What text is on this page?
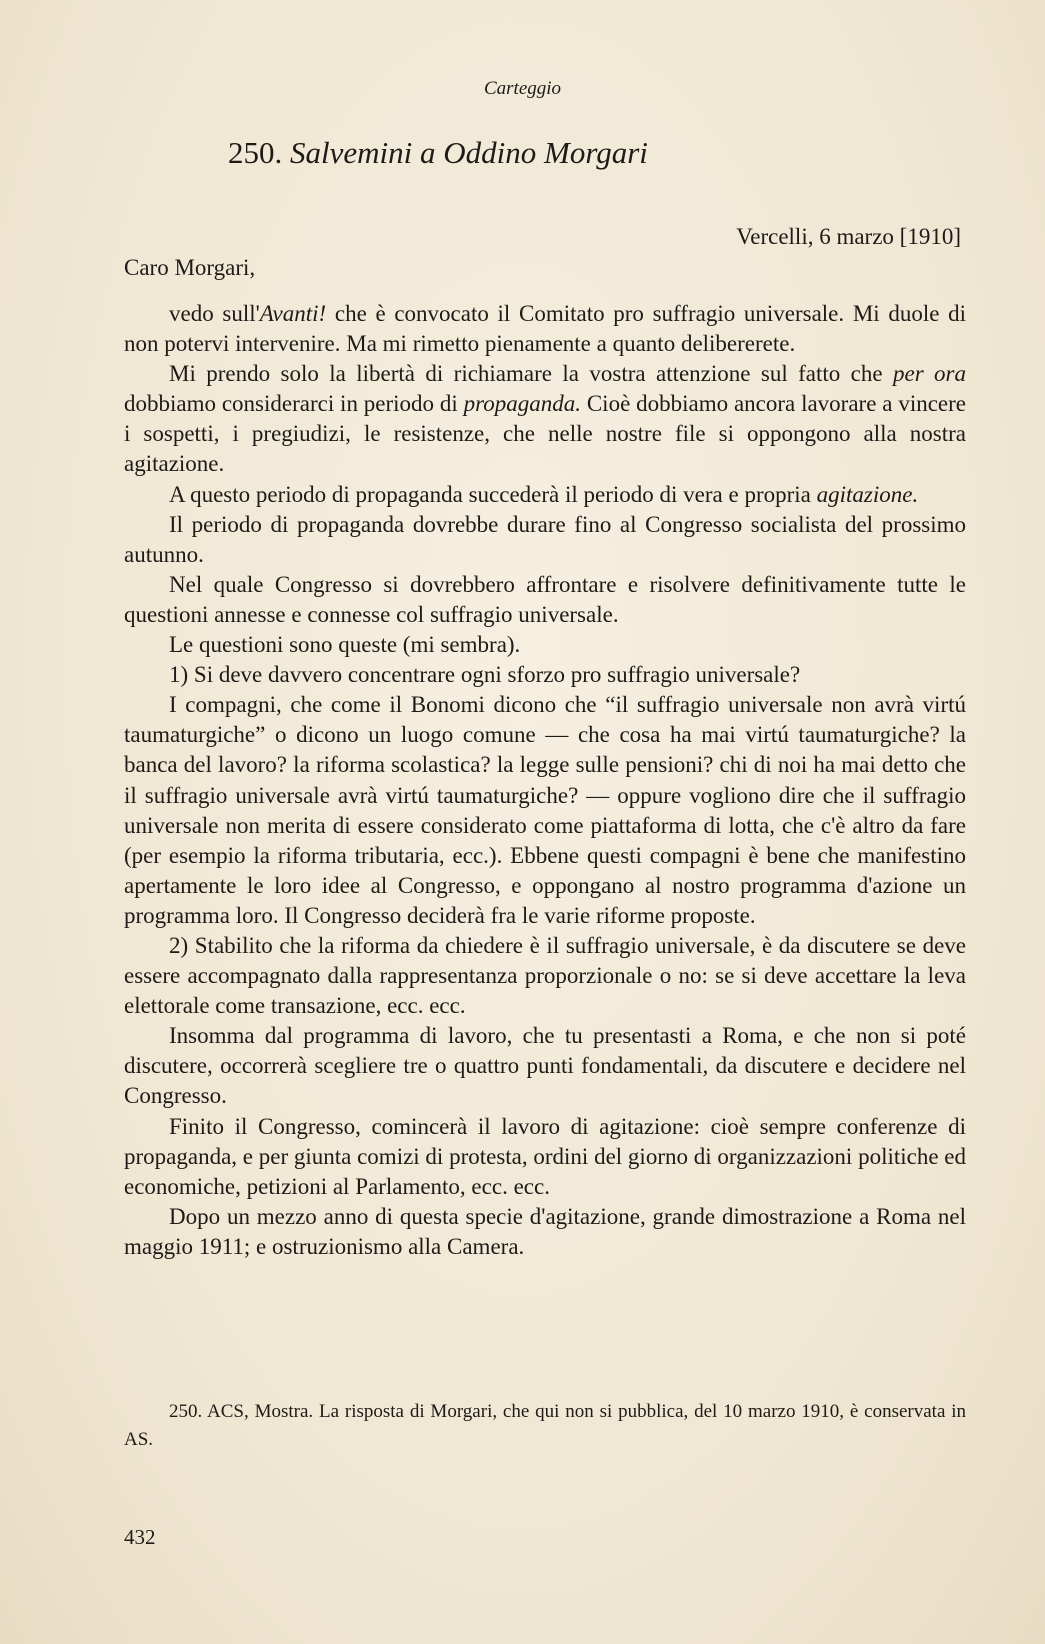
Carteggio
250. Salvemini a Oddino Morgari
Vercelli, 6 marzo [1910]
Caro Morgari,

vedo sull'Avanti! che è convocato il Comitato pro suffragio universale. Mi duole di non potervi intervenire. Ma mi rimetto pienamente a quanto delibererete.

Mi prendo solo la libertà di richiamare la vostra attenzione sul fatto che per ora dobbiamo considerarci in periodo di propaganda. Cioè dobbiamo ancora lavorare a vincere i sospetti, i pregiudizi, le resistenze, che nelle nostre file si oppongono alla nostra agitazione.

A questo periodo di propaganda succederà il periodo di vera e propria agitazione.

Il periodo di propaganda dovrebbe durare fino al Congresso socialista del prossimo autunno.

Nel quale Congresso si dovrebbero affrontare e risolvere definitivamente tutte le questioni annesse e connesse col suffragio universale.

Le questioni sono queste (mi sembra).

1) Si deve davvero concentrare ogni sforzo pro suffragio universale?

I compagni, che come il Bonomi dicono che “il suffragio universale non avrà virtú taumaturgiche” o dicono un luogo comune — che cosa ha mai virtú taumaturgiche? la banca del lavoro? la riforma scolastica? la legge sulle pensioni? chi di noi ha mai detto che il suffragio universale avrà virtú taumaturgiche? — oppure vogliono dire che il suffragio universale non merita di essere considerato come piattaforma di lotta, che c'è altro da fare (per esempio la riforma tributaria, ecc.). Ebbene questi compagni è bene che manifestino apertamente le loro idee al Congresso, e oppongano al nostro programma d'azione un programma loro. Il Congresso deciderà fra le varie riforme proposte.

2) Stabilito che la riforma da chiedere è il suffragio universale, è da discutere se deve essere accompagnato dalla rappresentanza proporzionale o no: se si deve accettare la leva elettorale come transazione, ecc. ecc.

Insomma dal programma di lavoro, che tu presentasti a Roma, e che non si poté discutere, occorrerà scegliere tre o quattro punti fondamentali, da discutere e decidere nel Congresso.

Finito il Congresso, comincerà il lavoro di agitazione: cioè sempre conferenze di propaganda, e per giunta comizi di protesta, ordini del giorno di organizzazioni politiche ed economiche, petizioni al Parlamento, ecc. ecc.

Dopo un mezzo anno di questa specie d'agitazione, grande dimostrazione a Roma nel maggio 1911; e ostruzionismo alla Camera.

250. ACS, Mostra. La risposta di Morgari, che qui non si pubblica, del 10 marzo 1910, è conservata in AS.
432
